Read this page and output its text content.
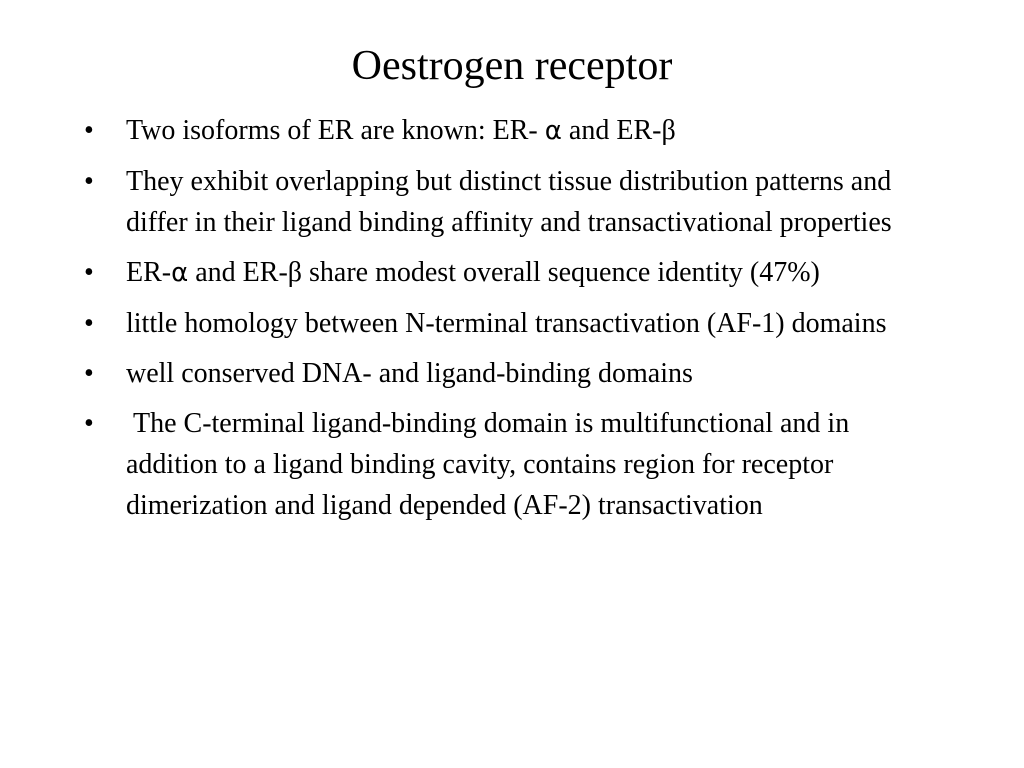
Oestrogen receptor
•	Two isoforms of ER are known: ER- α and ER-β
•	They exhibit overlapping but distinct tissue distribution patterns and differ in their ligand binding affinity and transactivational properties
•	ER-α and ER-β share modest overall sequence identity (47%)
•	little homology between N-terminal transactivation (AF-1) domains
•	well conserved DNA- and ligand-binding domains
•	The C-terminal ligand-binding domain is multifunctional and in addition to a ligand binding cavity, contains region for receptor dimerization and ligand depended (AF-2) transactivation
